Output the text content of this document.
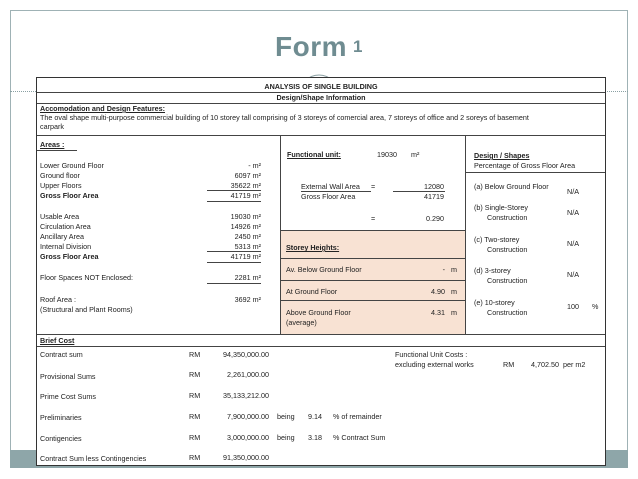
Form 1
ANALYSIS OF SINGLE BUILDING
Design/Shape Information
Accomodation and Design Features:
The oval shape multi-purpose commercial building of 10 storey tall comprising of 3 storeys of comercial area, 7 storeys of office and 2 soreys of basement
carpark
Areas :
Lower Ground Floor	- m²
Ground floor	6097 m²
Upper Floors	35622 m²
Gross Floor Area	41719 m²
Usable Area	19030 m²
Circulation Area	14926 m²
Ancillary Area	2450 m²
Internal Division	5313 m²
Gross Floor Area	41719 m²
Floor Spaces NOT Enclosed:	2281 m²
Roof Area :	3692 m²
(Structural and Plant Rooms)
Functional unit:	19030 m²
External Wall Area =	12080
Gross Floor Area	41719
=	0.290
Storey Heights:
Av. Below Ground Floor	- m
At Ground Floor	4.90 m
Above Ground Floor
(average)
4.31 m
Design / Shapes
Percentage of Gross Floor Area
(a) Below Ground Floor
N/A
(b) Single-Storey
Construction
N/A
(c) Two-storey
Construction
N/A
(d) 3-storey
Construction
N/A
(e) 10-storey
Construction
100 %
Brief Cost
Contract sum	RM	94,350,000.00
Provisional Sums	RM	2,261,000.00
Prime Cost Sums	RM	35,133,212.00
Preliminaries	RM	7,900,000.00 being 9.14 % of remainder
Contigencies	RM	3,000,000.00 being 3.18 % Contract Sum
Contract Sum less Contingencies	RM	91,350,000.00
Functional Unit Costs :
excluding external works	RM	4,702.50 per m2
